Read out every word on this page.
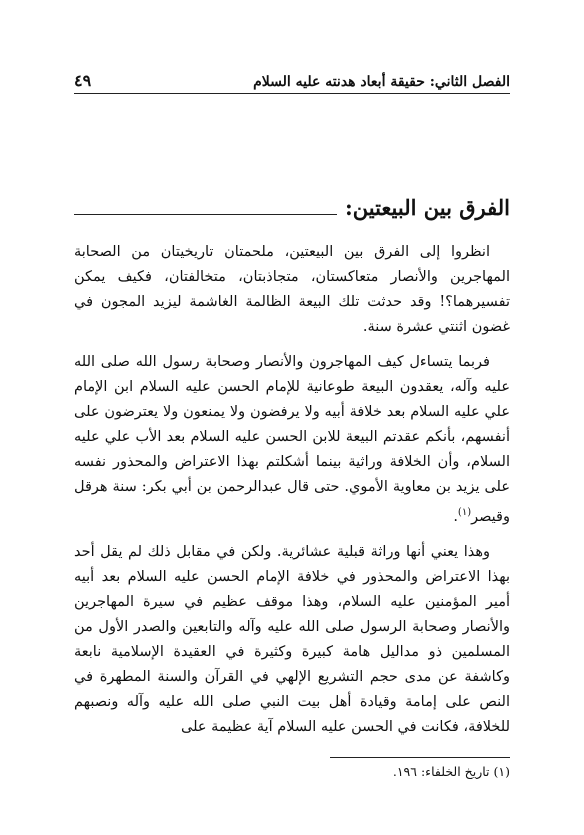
الفصل الثاني: حقيقة أبعاد هدنته عليه السلام
٤٩
الفرق بين البيعتين:

انظروا إلى الفرق بين البيعتين، ملحمتان تاريخيتان من الصحابة المهاجرين والأنصار متعاكستان، متجاذبتان، متخالفتان، فكيف يمكن تفسيرهما؟! وقد حدثت تلك البيعة الظالمة الغاشمة ليزيد المجون في غضون اثنتي عشرة سنة.

فربما يتساءل كيف المهاجرون والأنصار وصحابة رسول الله صلى الله عليه وآله، يعقدون البيعة طوعانية للإمام الحسن عليه السلام ابن الإمام علي عليه السلام بعد خلافة أبيه ولا يرفضون ولا يمنعون ولا يعترضون على أنفسهم، بأنكم عقدتم البيعة للابن الحسن عليه السلام بعد الأب علي عليه السلام، وأن الخلافة وراثية بينما أشكلتم بهذا الاعتراض والمحذور نفسه على يزيد بن معاوية الأموي. حتى قال عبدالرحمن بن أبي بكر: سنة هرقل وقيصر$^{(١)}$.

وهذا يعني أنها وراثة قبلية عشائرية. ولكن في مقابل ذلك لم يقل أحد بهذا الاعتراض والمحذور في خلافة الإمام الحسن عليه السلام بعد أبيه أمير المؤمنين عليه السلام، وهذا موقف عظيم في سيرة المهاجرين والأنصار وصحابة الرسول صلى الله عليه وآله والتابعين والصدر الأول من المسلمين ذو مداليل هامة كبيرة وكثيرة في العقيدة الإسلامية نابعة وكاشفة عن مدى حجم التشريع الإلهي في القرآن والسنة المطهرة في النص على إمامة وقيادة أهل بيت النبي صلى الله عليه وآله ونصبهم للخلافة، فكانت في الحسن عليه السلام آية عظيمة على

(١) تاريخ الخلفاء: ١٩٦.
